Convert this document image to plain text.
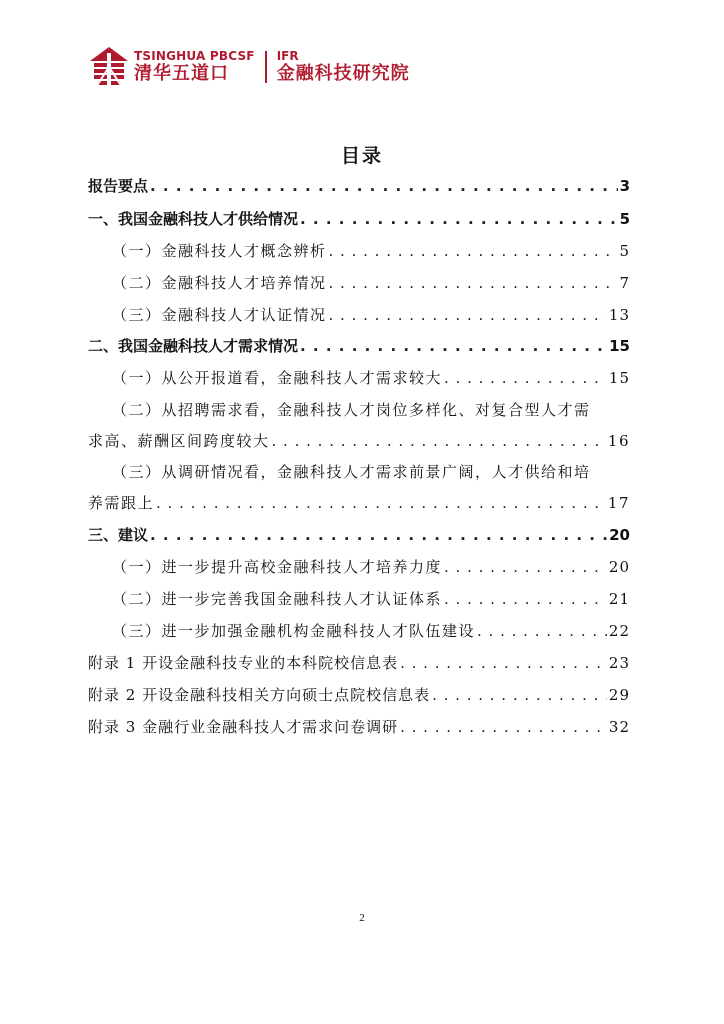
TSINGHUA PBCSF
清华五道口
IFR
金融科技研究院
目录
报告要点 . . .	3
一、我国金融科技人才供给情况 . . .	5
（一）金融科技人才概念辨析 . . .	5
（二）金融科技人才培养情况 . . .	7
（三）金融科技人才认证情况 . . .	13
二、我国金融科技人才需求情况 . . .	15
（一）从公开报道看，金融科技人才需求较大 . . .	15
（二）从招聘需求看，金融科技人才岗位多样化、对复合型人才需
求高、薪酬区间跨度较大 . . .	16
（三）从调研情况看，金融科技人才需求前景广阔，人才供给和培
养需跟上 . . .	17
三、建议 . . .	20
（一）进一步提升高校金融科技人才培养力度 . . .	20
（二）进一步完善我国金融科技人才认证体系 . . .	21
（三）进一步加强金融机构金融科技人才队伍建设 . . .	22
附录 1 开设金融科技专业的本科院校信息表 . . .	23
附录 2 开设金融科技相关方向硕士点院校信息表 . . .	29
附录 3 金融行业金融科技人才需求问卷调研 . . .	32
2
